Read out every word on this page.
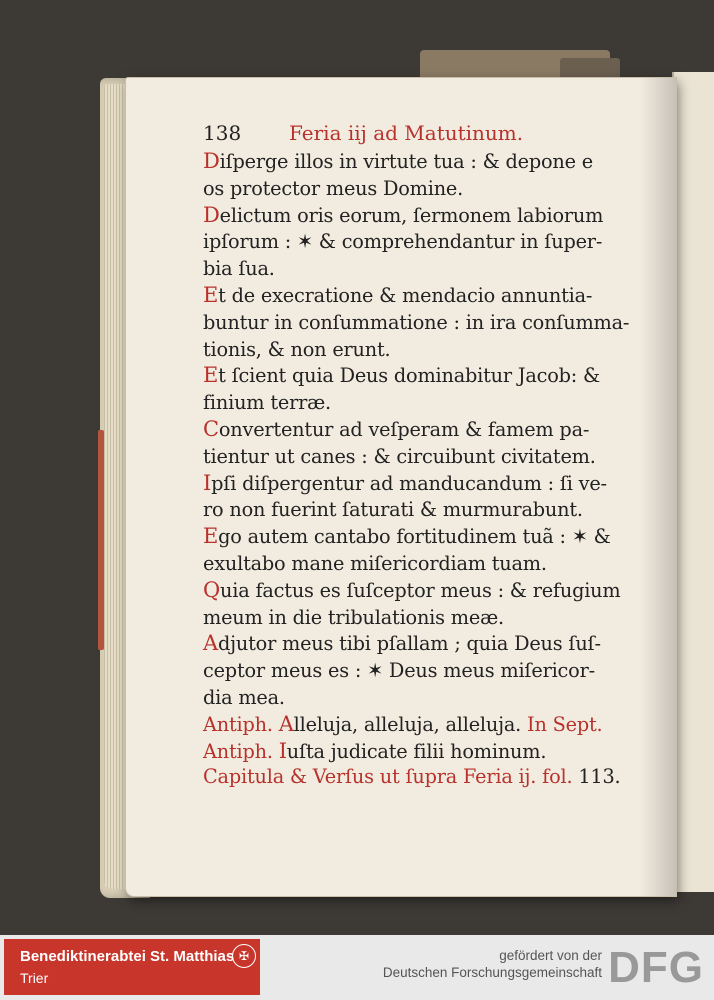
138 Feria iij ad Matutinum.
Diſperge illos in virtute tua : & depone e
os protector meus Domine.
Delictum oris eorum, ſermonem labiorum
ipſorum : ✶ & comprehendantur in ſuper-
bia ſua.
Et de execratione & mendacio annuntia-
buntur in conſummatione : in ira conſumma-
tionis, & non erunt.
Et ſcient quia Deus dominabitur Jacob: &
finium terræ.
Convertentur ad veſperam & famem pa-
tientur ut canes : & circuibunt civitatem.
Ipſi diſpergentur ad manducandum : ſi ve-
ro non fuerint ſaturati & murmurabunt.
Ego autem cantabo fortitudinem tuã : ✶ &
exultabo mane miſericordiam tuam.
Quia factus es ſuſceptor meus : & refugium
meum in die tribulationis meæ.
Adjutor meus tibi pſallam ; quia Deus ſuſ-
ceptor meus es : ✶ Deus meus miſericor-
dia mea.
Antiph. Alleluja, alleluja, alleluja. In Sept.
Antiph. Iuſta judicate filii hominum.
Capitula & Verſus ut ſupra Feria ij. fol. 113.
Benediktinerabtei St. Matthias
Trier
✠	gefördert von der
Deutschen Forschungsgemeinschaft DFG
